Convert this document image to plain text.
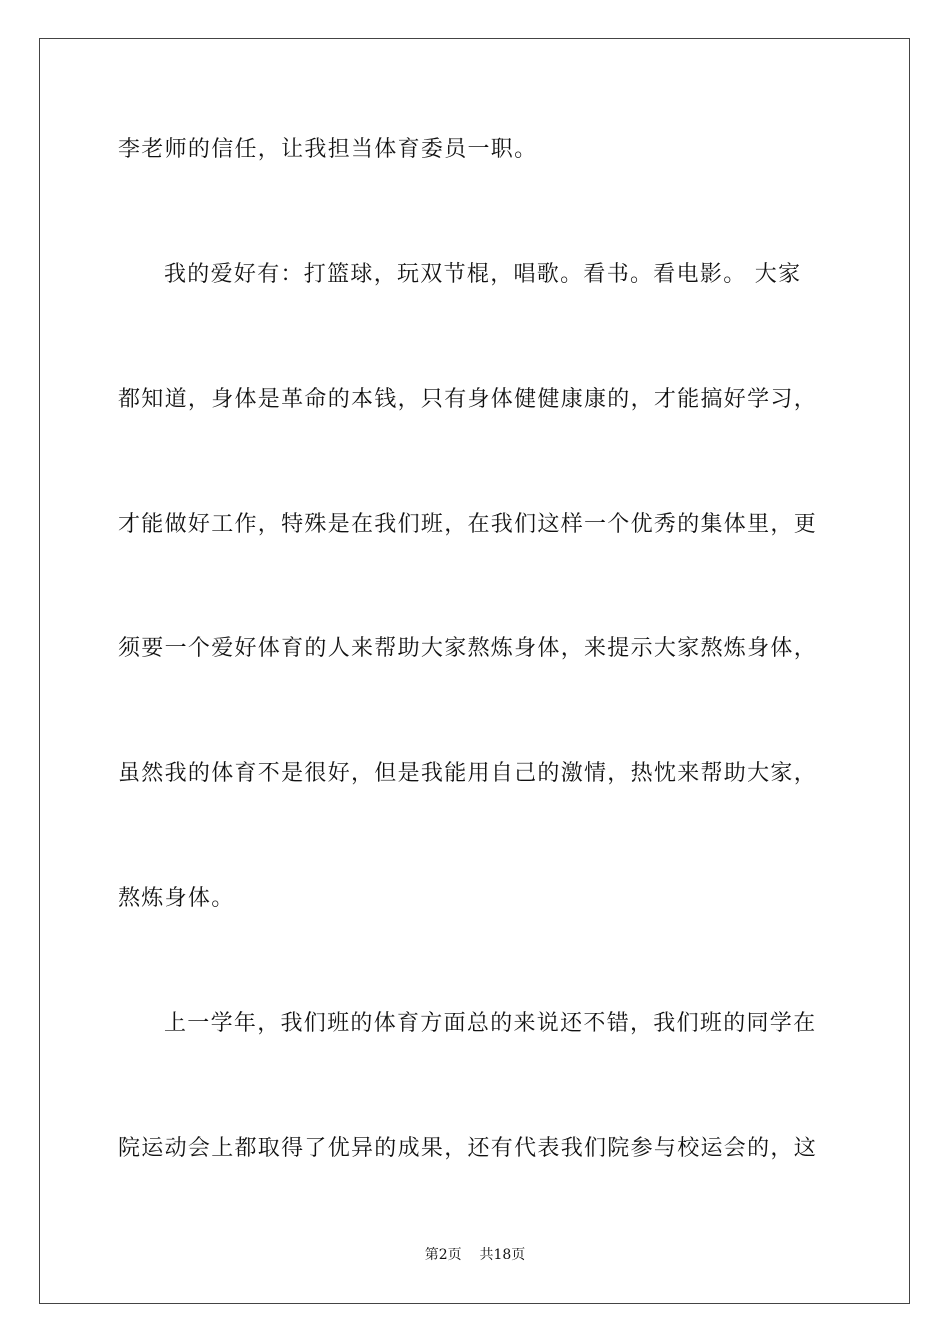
李老师的信任，让我担当体育委员一职。
我的爱好有：打篮球，玩双节棍，唱歌。看书。看电影。 大家
都知道，身体是革命的本钱，只有身体健健康康的，才能搞好学习，
才能做好工作，特殊是在我们班，在我们这样一个优秀的集体里，更
须要一个爱好体育的人来帮助大家熬炼身体，来提示大家熬炼身体，
虽然我的体育不是很好，但是我能用自己的激情，热忱来帮助大家，
熬炼身体。
上一学年，我们班的体育方面总的来说还不错，我们班的同学在
院运动会上都取得了优异的成果，还有代表我们院参与校运会的，这
第2页    共18页
